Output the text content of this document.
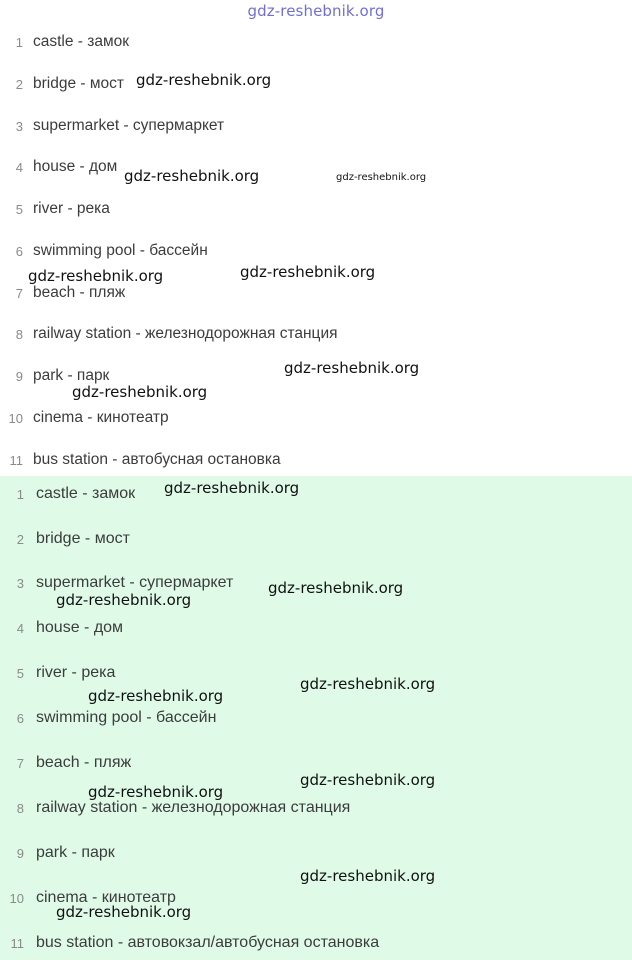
gdz-reshebnik.org
1 castle - замок
2 bridge - мост
3 supermarket - супермаркет
4 house - дом
5 river - река
6 swimming pool - бассейн
7 beach - пляж
8 railway station - железнодорожная станция
9 park - парк
10 cinema - кинотеатр
11 bus station - автобусная остановка
1 castle - замок
2 bridge - мост
3 supermarket - супермаркет
4 house - дом
5 river - река
6 swimming pool - бассейн
7 beach - пляж
8 railway station - железнодорожная станция
9 park - парк
10 cinema - кинотеатр
11 bus station - автовокзал/автобусная остановка
gdz-reshebnik.org
gdz-reshebnik.org	gdz-reshebnik.org
gdz-reshebnik.org	gdz-reshebnik.org
gdz-reshebnik.org
gdz-reshebnik.org
gdz-reshebnik.org
gdz-reshebnik.org
gdz-reshebnik.org
gdz-reshebnik.org
gdz-reshebnik.org
gdz-reshebnik.org
gdz-reshebnik.org
gdz-reshebnik.org
gdz-reshebnik.org
